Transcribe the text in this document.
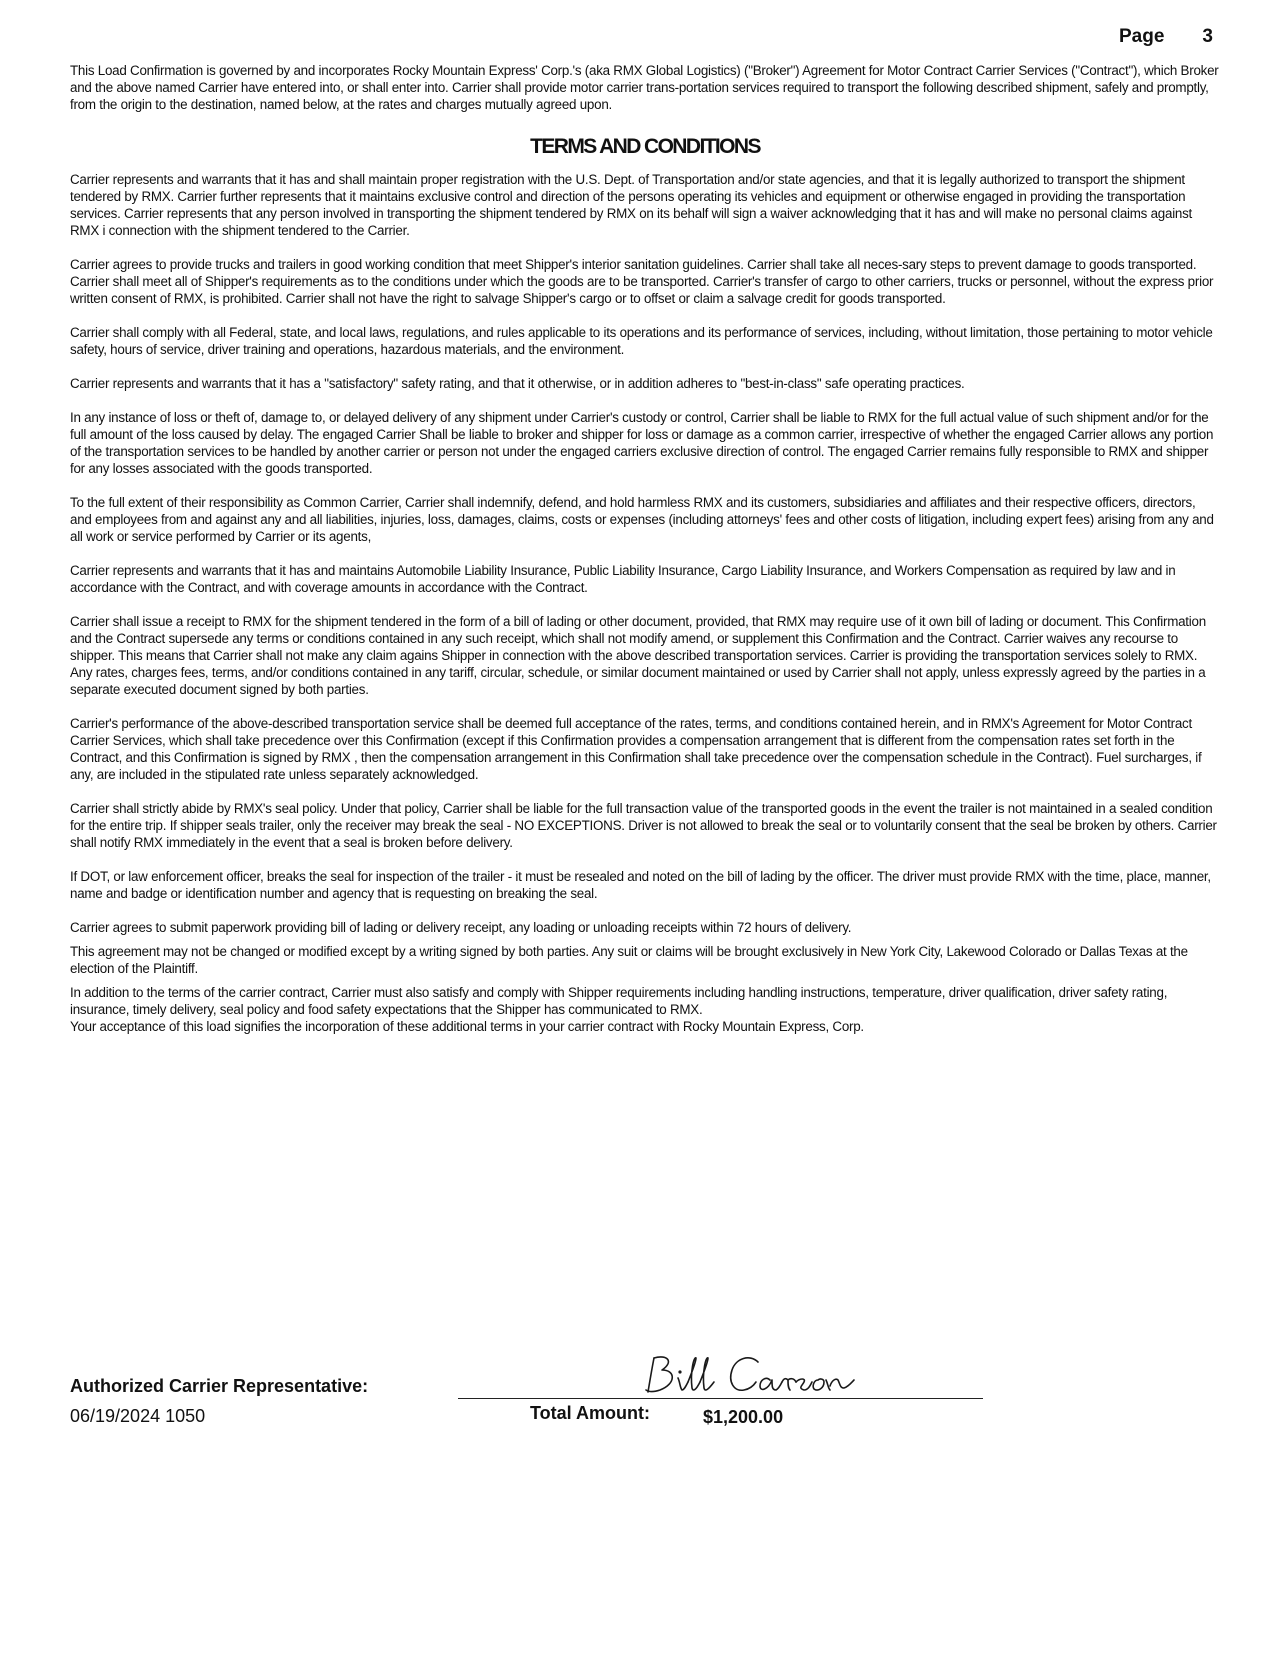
Page 3

This Load Confirmation is governed by and incorporates Rocky Mountain Express' Corp.'s (aka RMX Global Logistics) ("Broker") Agreement for Motor Contract Carrier Services ("Contract"), which Broker and the above named Carrier have entered into, or shall enter into. Carrier shall provide motor carrier trans-portation services required to transport the following described shipment, safely and promptly, from the origin to the destination, named below, at the rates and charges mutually agreed upon.

TERMS AND CONDITIONS

Carrier represents and warrants that it has and shall maintain proper registration with the U.S. Dept. of Transportation and/or state agencies, and that it is legally authorized to transport the shipment tendered by RMX. Carrier further represents that it maintains exclusive control and direction of the persons operating its vehicles and equipment or otherwise engaged in providing the transportation services. Carrier represents that any person involved in transporting the shipment tendered by RMX on its behalf will sign a waiver acknowledging that it has and will make no personal claims against RMX i connection with the shipment tendered to the Carrier.

Carrier agrees to provide trucks and trailers in good working condition that meet Shipper's interior sanitation guidelines. Carrier shall take all neces-sary steps to prevent damage to goods transported. Carrier shall meet all of Shipper's requirements as to the conditions under which the goods are to be transported. Carrier's transfer of cargo to other carriers, trucks or personnel, without the express prior written consent of RMX, is prohibited. Carrier shall not have the right to salvage Shipper's cargo or to offset or claim a salvage credit for goods transported.

Carrier shall comply with all Federal, state, and local laws, regulations, and rules applicable to its operations and its performance of services, including, without limitation, those pertaining to motor vehicle safety, hours of service, driver training and operations, hazardous materials, and the environment.

Carrier represents and warrants that it has a "satisfactory" safety rating, and that it otherwise, or in addition adheres to "best-in-class" safe operating practices.

In any instance of loss or theft of, damage to, or delayed delivery of any shipment under Carrier's custody or control, Carrier shall be liable to RMX for the full actual value of such shipment and/or for the full amount of the loss caused by delay. The engaged Carrier Shall be liable to broker and shipper for loss or damage as a common carrier, irrespective of whether the engaged Carrier allows any portion of the transportation services to be handled by another carrier or person not under the engaged carriers exclusive direction of control. The engaged Carrier remains fully responsible to RMX and shipper for any losses associated with the goods transported.

To the full extent of their responsibility as Common Carrier, Carrier shall indemnify, defend, and hold harmless RMX and its customers, subsidiaries and affiliates and their respective officers, directors, and employees from and against any and all liabilities, injuries, loss, damages, claims, costs or expenses (including attorneys' fees and other costs of litigation, including expert fees) arising from any and all work or service performed by Carrier or its agents,

Carrier represents and warrants that it has and maintains Automobile Liability Insurance, Public Liability Insurance, Cargo Liability Insurance, and Workers Compensation as required by law and in accordance with the Contract, and with coverage amounts in accordance with the Contract.

Carrier shall issue a receipt to RMX for the shipment tendered in the form of a bill of lading or other document, provided, that RMX may require use of it own bill of lading or document. This Confirmation and the Contract supersede any terms or conditions contained in any such receipt, which shall not modify amend, or supplement this Confirmation and the Contract. Carrier waives any recourse to shipper. This means that Carrier shall not make any claim agains Shipper in connection with the above described transportation services. Carrier is providing the transportation services solely to RMX. Any rates, charges fees, terms, and/or conditions contained in any tariff, circular, schedule, or similar document maintained or used by Carrier shall not apply, unless expressly agreed by the parties in a separate executed document signed by both parties.

Carrier's performance of the above-described transportation service shall be deemed full acceptance of the rates, terms, and conditions contained herein, and in RMX's Agreement for Motor Contract Carrier Services, which shall take precedence over this Confirmation (except if this Confirmation provides a compensation arrangement that is different from the compensation rates set forth in the Contract, and this Confirmation is signed by RMX , then the compensation arrangement in this Confirmation shall take precedence over the compensation schedule in the Contract). Fuel surcharges, if any, are included in the stipulated rate unless separately acknowledged.

Carrier shall strictly abide by RMX's seal policy. Under that policy, Carrier shall be liable for the full transaction value of the transported goods in the event the trailer is not maintained in a sealed condition for the entire trip. If shipper seals trailer, only the receiver may break the seal - NO EXCEPTIONS. Driver is not allowed to break the seal or to voluntarily consent that the seal be broken by others. Carrier shall notify RMX immediately in the event that a seal is broken before delivery.

If DOT, or law enforcement officer, breaks the seal for inspection of the trailer - it must be resealed and noted on the bill of lading by the officer. The driver must provide RMX with the time, place, manner, name and badge or identification number and agency that is requesting on breaking the seal.

Carrier agrees to submit paperwork providing bill of lading or delivery receipt, any loading or unloading receipts within 72 hours of delivery.

This agreement may not be changed or modified except by a writing signed by both parties. Any suit or claims will be brought exclusively in New York City, Lakewood Colorado or Dallas Texas at the election of the Plaintiff.

In addition to the terms of the carrier contract, Carrier must also satisfy and comply with Shipper requirements including handling instructions, temperature, driver qualification, driver safety rating, insurance, timely delivery, seal policy and food safety expectations that the Shipper has communicated to RMX.

Your acceptance of this load signifies the incorporation of these additional terms in your carrier contract with Rocky Mountain Express, Corp.

Authorized Carrier Representative:
06/19/2024 1050	Total Amount:	$1,200.00
